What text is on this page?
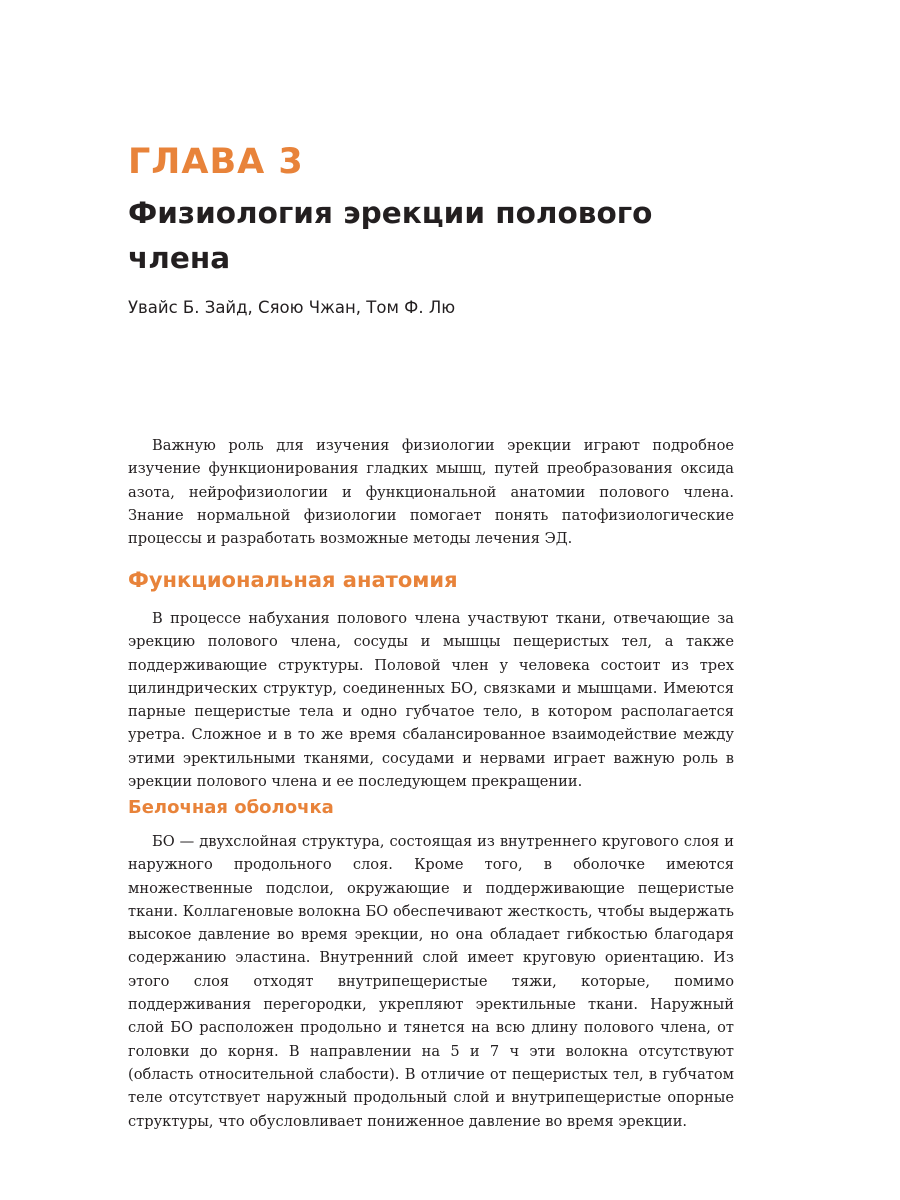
ГЛАВА 3
Физиология эрекции полового члена

Увайс Б. Зайд, Сяою Чжан, Том Ф. Лю

Важную роль для изучения физиологии эрекции играют подробное изучение функционирования гладких мышц, путей преобразования оксида азота, нейрофизиологии и функциональной анатомии полового члена. Знание нормальной физиологии помогает понять патофизиологические процессы и разработать возможные методы лечения ЭД.

Функциональная анатомия

В процессе набухания полового члена участвуют ткани, отвечающие за эрекцию полового члена, сосуды и мышцы пещеристых тел, а также поддерживающие структуры. Половой член у человека состоит из трех цилиндрических структур, соединенных БО, связками и мышцами. Имеются парные пещеристые тела и одно губчатое тело, в котором располагается уретра. Сложное и в то же время сбалансированное взаимодействие между этими эректильными тканями, сосудами и нервами играет важную роль в эрекции полового члена и ее последующем прекращении.

Белочная оболочка

БО — двухслойная структура, состоящая из внутреннего кругового слоя и наружного продольного слоя. Кроме того, в оболочке имеются множественные подслои, окружающие и поддерживающие пещеристые ткани. Коллагеновые волокна БО обеспечивают жесткость, чтобы выдержать высокое давление во время эрекции, но она обладает гибкостью благодаря содержанию эластина. Внутренний слой имеет круговую ориентацию. Из этого слоя отходят внутрипещеристые тяжи, которые, помимо поддерживания перегородки, укрепляют эректильные ткани. Наружный слой БО расположен продольно и тянется на всю длину полового члена, от головки до корня. В направлении на 5 и 7 ч эти волокна отсутствуют (область относительной слабости). В отличие от пещеристых тел, в губчатом теле отсутствует наружный продольный слой и внутрипещеристые опорные структуры, что обусловливает пониженное давление во время эрекции.
